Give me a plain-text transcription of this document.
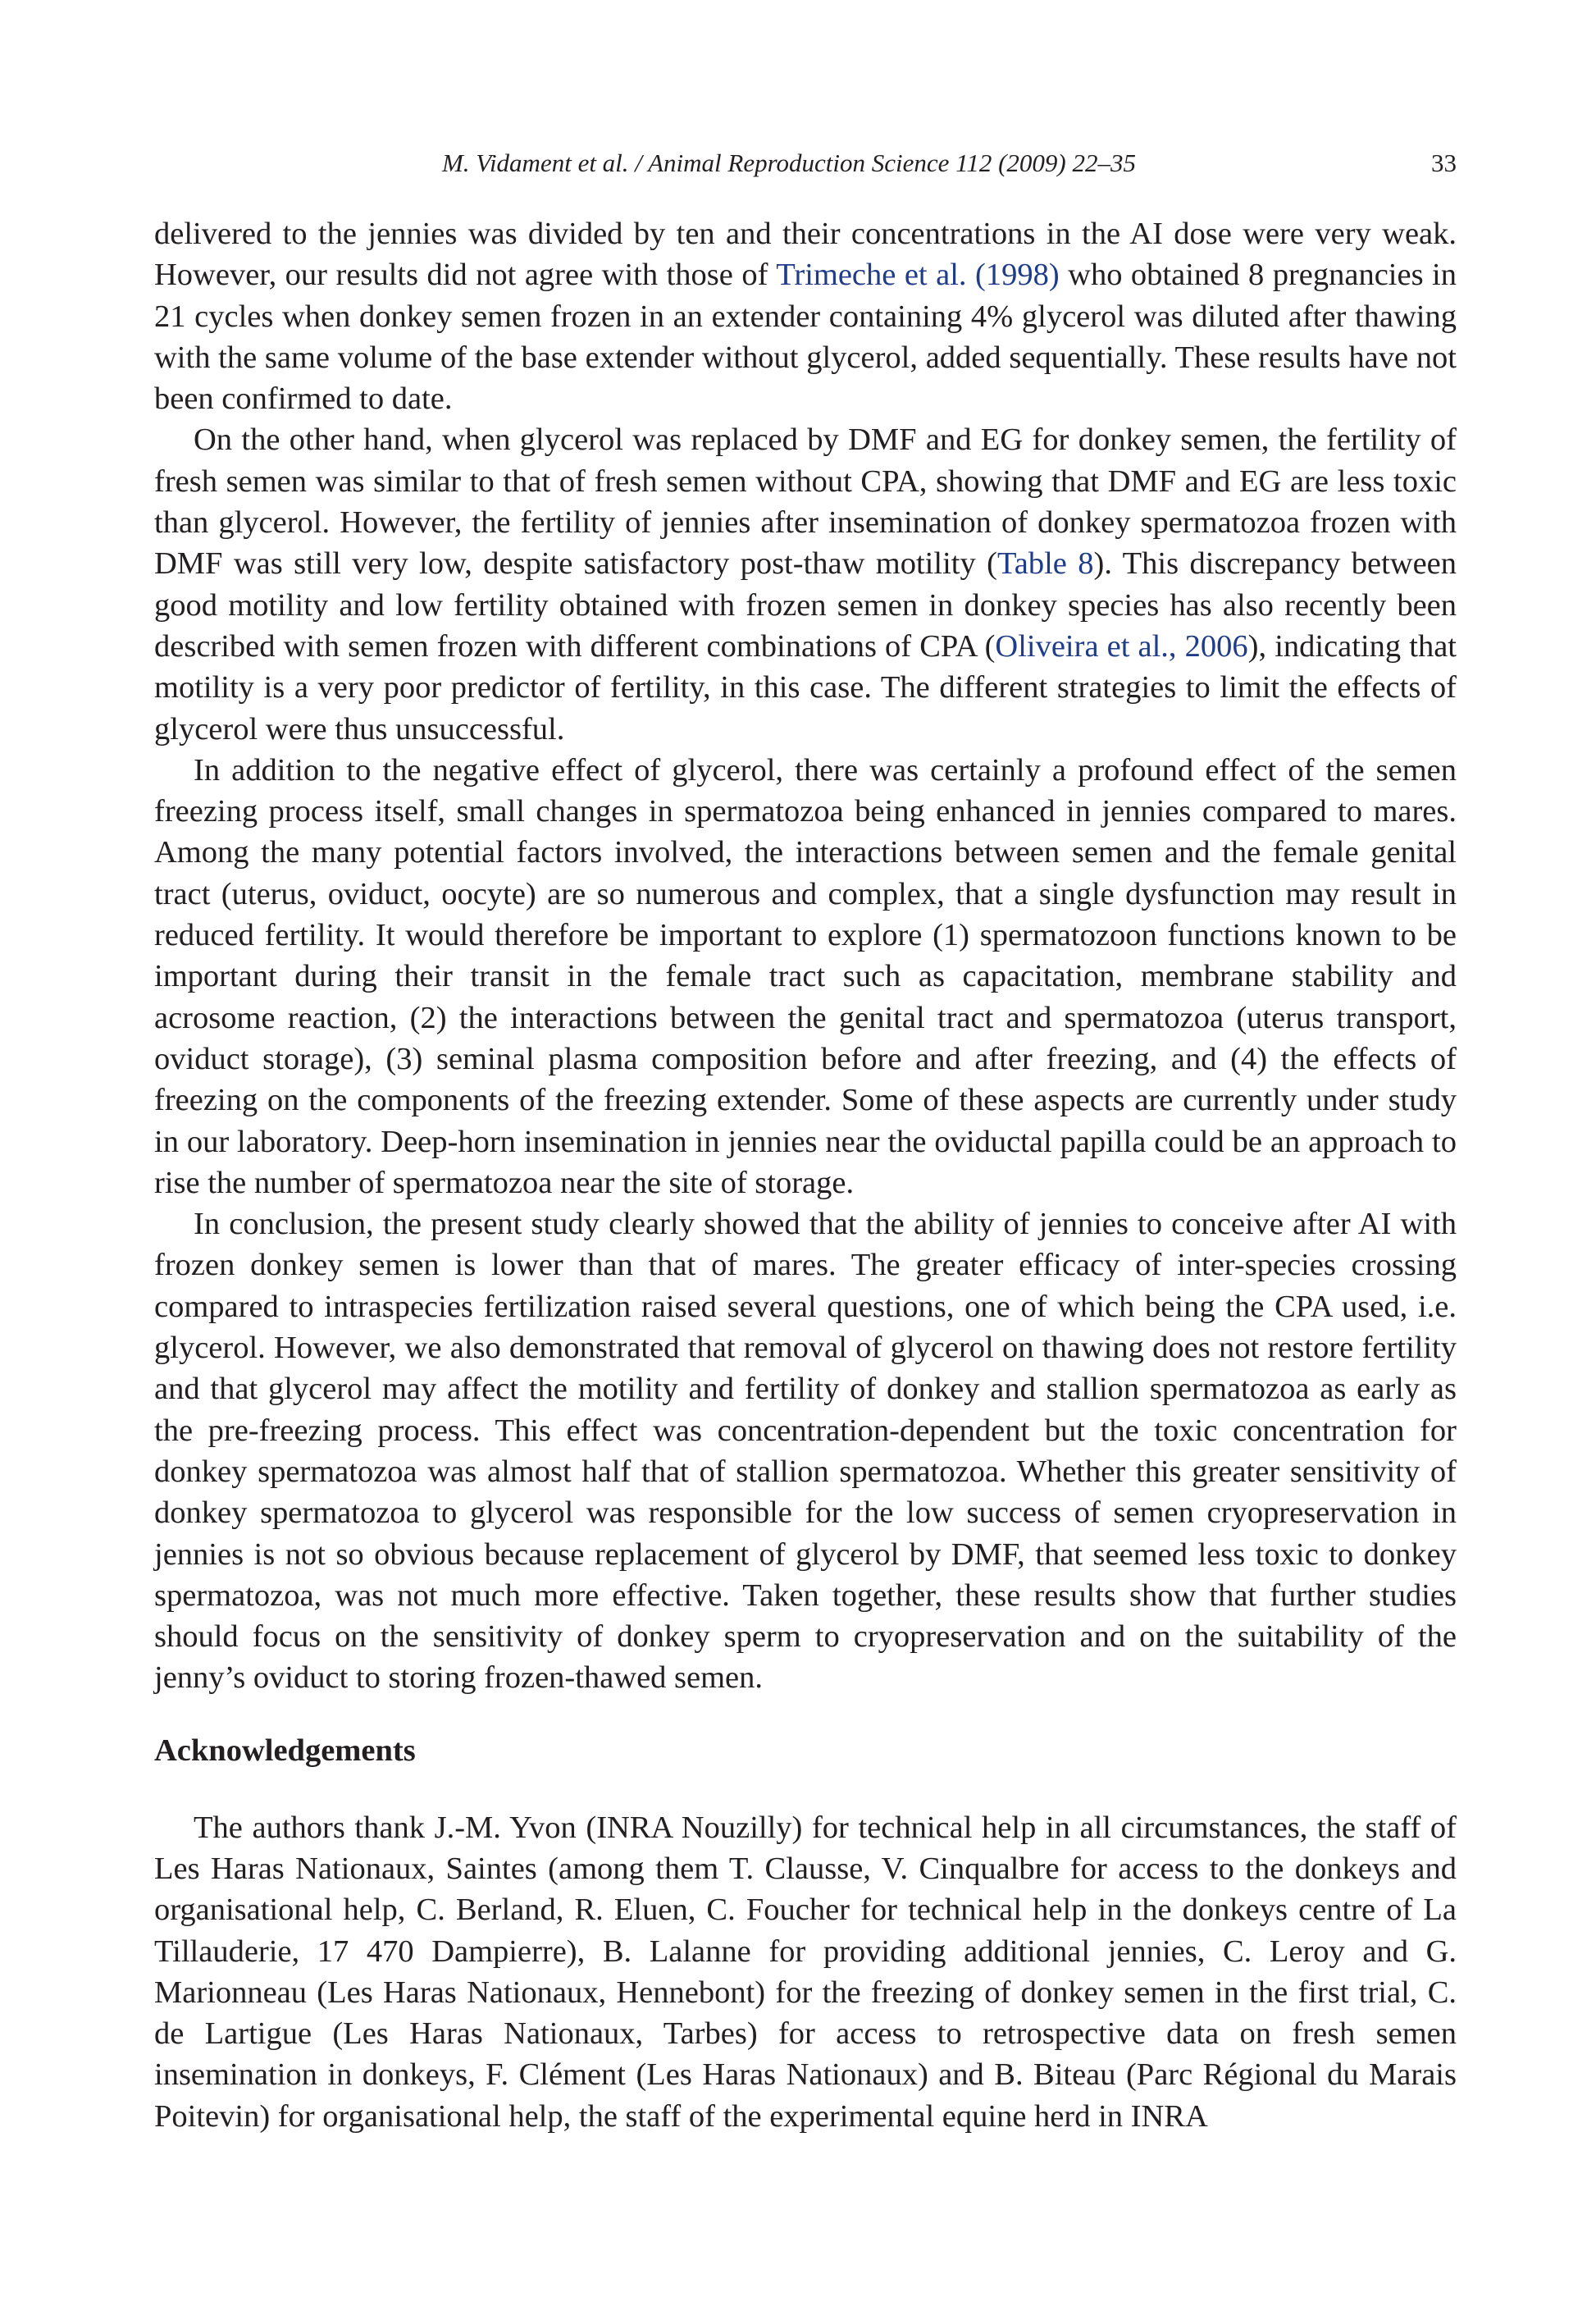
M. Vidament et al. / Animal Reproduction Science 112 (2009) 22–35	33

delivered to the jennies was divided by ten and their concentrations in the AI dose were very weak. However, our results did not agree with those of Trimeche et al. (1998) who obtained 8 pregnancies in 21 cycles when donkey semen frozen in an extender containing 4% glycerol was diluted after thawing with the same volume of the base extender without glycerol, added sequentially. These results have not been confirmed to date.

On the other hand, when glycerol was replaced by DMF and EG for donkey semen, the fertility of fresh semen was similar to that of fresh semen without CPA, showing that DMF and EG are less toxic than glycerol. However, the fertility of jennies after insemination of donkey spermatozoa frozen with DMF was still very low, despite satisfactory post-thaw motility (Table 8). This discrepancy between good motility and low fertility obtained with frozen semen in donkey species has also recently been described with semen frozen with different combinations of CPA (Oliveira et al., 2006), indicating that motility is a very poor predictor of fertility, in this case. The different strategies to limit the effects of glycerol were thus unsuccessful.

In addition to the negative effect of glycerol, there was certainly a profound effect of the semen freezing process itself, small changes in spermatozoa being enhanced in jennies compared to mares. Among the many potential factors involved, the interactions between semen and the female genital tract (uterus, oviduct, oocyte) are so numerous and complex, that a single dysfunction may result in reduced fertility. It would therefore be important to explore (1) spermatozoon functions known to be important during their transit in the female tract such as capacitation, membrane stability and acrosome reaction, (2) the interactions between the genital tract and spermatozoa (uterus transport, oviduct storage), (3) seminal plasma composition before and after freezing, and (4) the effects of freezing on the components of the freezing extender. Some of these aspects are currently under study in our laboratory. Deep-horn insemination in jennies near the oviductal papilla could be an approach to rise the number of spermatozoa near the site of storage.

In conclusion, the present study clearly showed that the ability of jennies to conceive after AI with frozen donkey semen is lower than that of mares. The greater efficacy of inter-species crossing compared to intraspecies fertilization raised several questions, one of which being the CPA used, i.e. glycerol. However, we also demonstrated that removal of glycerol on thawing does not restore fertility and that glycerol may affect the motility and fertility of donkey and stallion spermatozoa as early as the pre-freezing process. This effect was concentration-dependent but the toxic concentration for donkey spermatozoa was almost half that of stallion spermatozoa. Whether this greater sensitivity of donkey spermatozoa to glycerol was responsible for the low success of semen cryopreservation in jennies is not so obvious because replacement of glycerol by DMF, that seemed less toxic to donkey spermatozoa, was not much more effective. Taken together, these results show that further studies should focus on the sensitivity of donkey sperm to cryopreservation and on the suitability of the jenny’s oviduct to storing frozen-thawed semen.

Acknowledgements

The authors thank J.-M. Yvon (INRA Nouzilly) for technical help in all circumstances, the staff of Les Haras Nationaux, Saintes (among them T. Clausse, V. Cinqualbre for access to the donkeys and organisational help, C. Berland, R. Eluen, C. Foucher for technical help in the donkeys centre of La Tillauderie, 17 470 Dampierre), B. Lalanne for providing additional jennies, C. Leroy and G. Marionneau (Les Haras Nationaux, Hennebont) for the freezing of donkey semen in the first trial, C. de Lartigue (Les Haras Nationaux, Tarbes) for access to retrospective data on fresh semen insemination in donkeys, F. Clément (Les Haras Nationaux) and B. Biteau (Parc Régional du Marais Poitevin) for organisational help, the staff of the experimental equine herd in INRA
